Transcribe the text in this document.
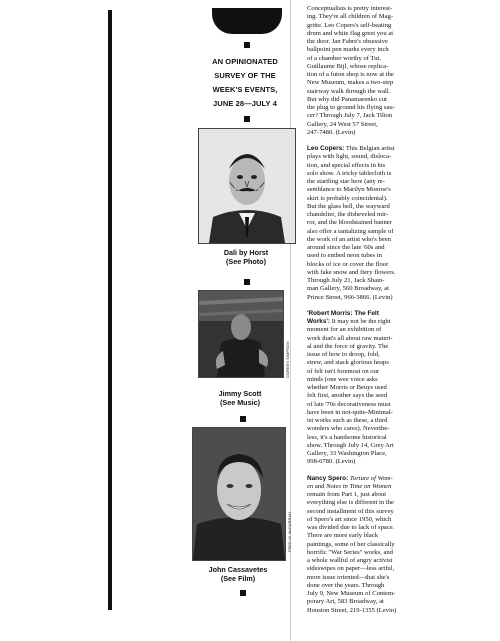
AN OPINIONATED
SURVEY OF THE
WEEK'S EVENTS,
JUNE 28—JULY 4
Dali by Horst
(See Photo)
COREEN SIMPSON
Jimmy Scott
(See Music)
FRED W. McDARRAH
John Cassavetes
(See Film)
Conceptualists is pretty interest-
ing. They're all children of Mag-
gritte. Leo Copers's self-beating
drum and white flag greet you at
the door. Jan Fabre's obsessive
ballpoint pen marks every inch
of a chamber worthy of Tut.
Guillaume Bijl, whose replica-
tion of a futon shop is now at the
New Museum, makes a two-step
stairway walk through the wall.
But why did Panamarenko cut
the plug to ground his flying sau-
cer? Through July 7, Jack Tilton
Gallery, 24 West 57 Street,
247-7480. (Levin)
Leo Copers: This Belgian artist
plays with light, sound, disloca-
tion, and special effects in his
solo show. A tricky tablecloth is
the startling star here (any re-
semblance to Marilyn Monroe's
skirt is probably coincidental).
But the glass bell, the wayward
chandelier, the disheveled mir-
ror, and the bloodstained banner
also offer a tantalizing sample of
the work of an artist who's been
around since the late '60s and
used to embed neon tubes in
blocks of ice or cover the floor
with fake snow and fiery flowers.
Through July 21, Jack Shain-
man Gallery, 560 Broadway, at
Prince Street, 966-3866. (Levin)
'Robert Morris: The Felt
Works': It may not be the right
moment for an exhibition of
work that's all about raw materi-
al and the force of gravity. The
issue of how to droop, fold,
strew, and stack glorious heaps
of felt isn't foremost on our
minds (one wee voice asks
whether Morris or Beuys used
felt first, another says the seed
of late '70s decorativeness must
have been in not-quite-Minimal-
ist works such as these, a third
wonders who cares). Neverthe-
less, it's a handsome historical
show. Through July 14, Grey Art
Gallery, 33 Washington Place,
998-6780. (Levin)
Nancy Spero: Torture of Wom-
en and Notes in Time on Women
remain from Part 1, just about
everything else is different in the
second installment of this survey
of Spero's art since 1950, which
was divided due to lack of space.
There are more early black
paintings, some of her classically
horrific "War Series" works, and
a whole wallful of angry activist
sideswipes on paper—less artful,
more issue oriented—that she's
done over the years. Through
July 9, New Museum of Contem-
porary Art, 583 Broadway, at
Houston Street, 219-1355 (Levin)
